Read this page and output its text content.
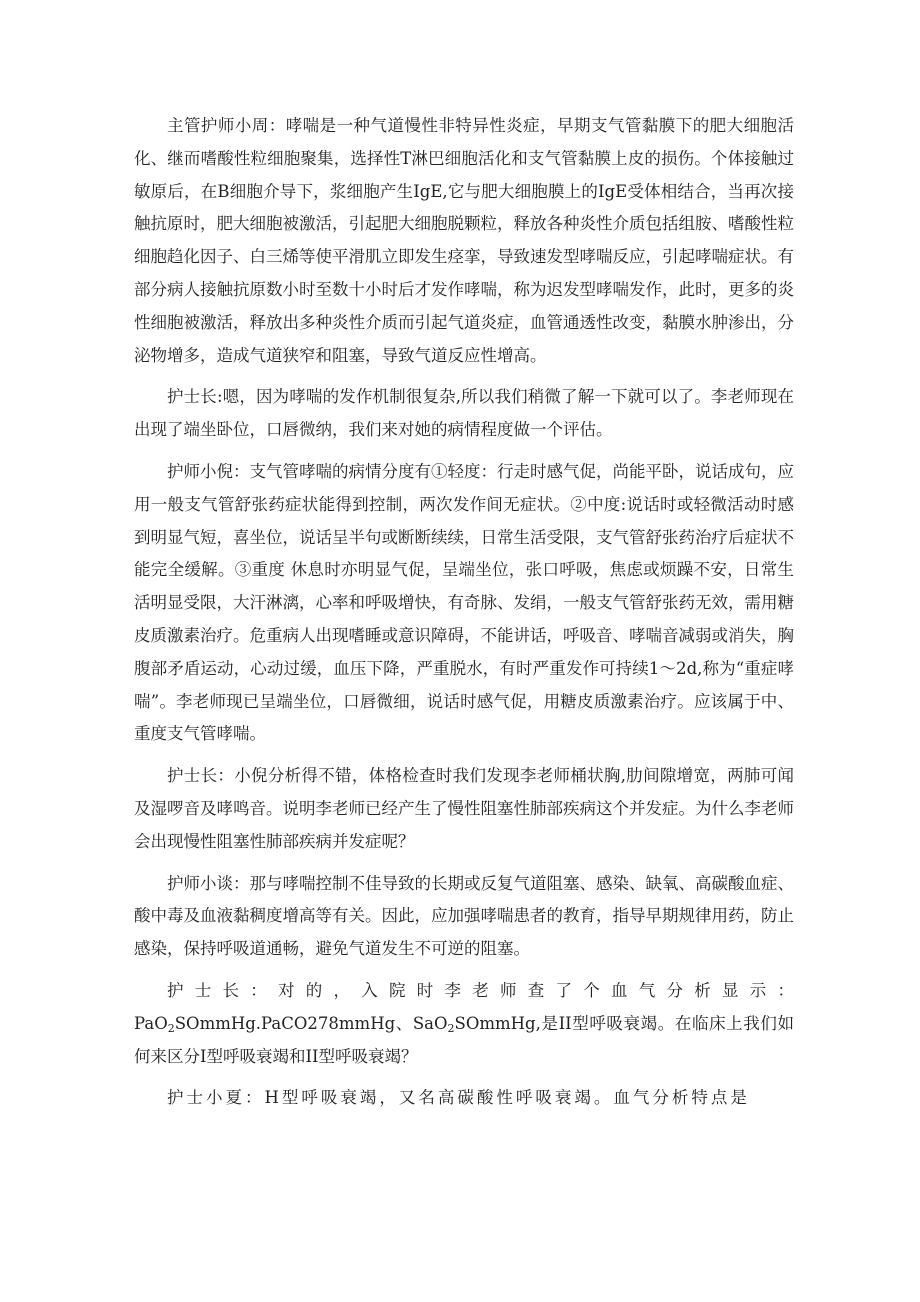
主管护师小周：哮喘是一种气道慢性非特异性炎症，早期支气管黏膜下的肥大细胞活化、继而嗜酸性粒细胞聚集，选择性T淋巴细胞活化和支气管黏膜上皮的损伤。个体接触过敏原后，在B细胞介导下，浆细胞产生IgE,它与肥大细胞膜上的IgE受体相结合，当再次接触抗原时，肥大细胞被激活，引起肥大细胞脱颗粒，释放各种炎性介质包括组胺、嗜酸性粒细胞趋化因子、白三烯等使平滑肌立即发生痉挛，导致速发型哮喘反应，引起哮喘症状。有部分病人接触抗原数小时至数十小时后才发作哮喘，称为迟发型哮喘发作，此时，更多的炎性细胞被激活，释放出多种炎性介质而引起气道炎症，血管通透性改变，黏膜水肿渗出，分泌物增多，造成气道狭窄和阻塞，导致气道反应性增高。

护士长:嗯，因为哮喘的发作机制很复杂,所以我们稍微了解一下就可以了。李老师现在出现了端坐卧位，口唇微纳，我们来对她的病情程度做一个评估。

护师小倪：支气管哮喘的病情分度有①轻度：行走时感气促，尚能平卧，说话成句，应用一般支气管舒张药症状能得到控制，两次发作间无症状。②中度:说话时或轻微活动时感到明显气短，喜坐位，说话呈半句或断断续续，日常生活受限，支气管舒张药治疗后症状不能完全缓解。③重度 休息时亦明显气促，呈端坐位，张口呼吸，焦虑或烦躁不安，日常生活明显受限，大汗淋漓，心率和呼吸增快，有奇脉、发绢，一般支气管舒张药无效，需用糖皮质激素治疗。危重病人出现嗜睡或意识障碍，不能讲话，呼吸音、哮喘音减弱或消失，胸腹部矛盾运动，心动过缓，血压下降，严重脱水，有时严重发作可持续1～2d,称为“重症哮喘”。李老师现已呈端坐位，口唇微细，说话时感气促，用糖皮质激素治疗。应该属于中、重度支气管哮喘。

护士长：小倪分析得不错，体格检查时我们发现李老师桶状胸,肋间隙增宽，两肺可闻及湿啰音及哮鸣音。说明李老师已经产生了慢性阻塞性肺部疾病这个并发症。为什么李老师会出现慢性阻塞性肺部疾病并发症呢？

护师小谈：那与哮喘控制不佳导致的长期或反复气道阻塞、感染、缺氧、高碳酸血症、酸中毒及血液黏稠度增高等有关。因此，应加强哮喘患者的教育，指导早期规律用药，防止感染，保持呼吸道通畅，避免气道发生不可逆的阻塞。

护士长：对的，入院时李老师查了个血气分析显示：PaO$_2$SOmmHg.PaCO278mmHg、SaO$_2$SOmmHg,是II型呼吸衰竭。在临床上我们如何来区分I型呼吸衰竭和II型呼吸衰竭？

护士小夏：H型呼吸衰竭，又名高碳酸性呼吸衰竭。血气分析特点是
